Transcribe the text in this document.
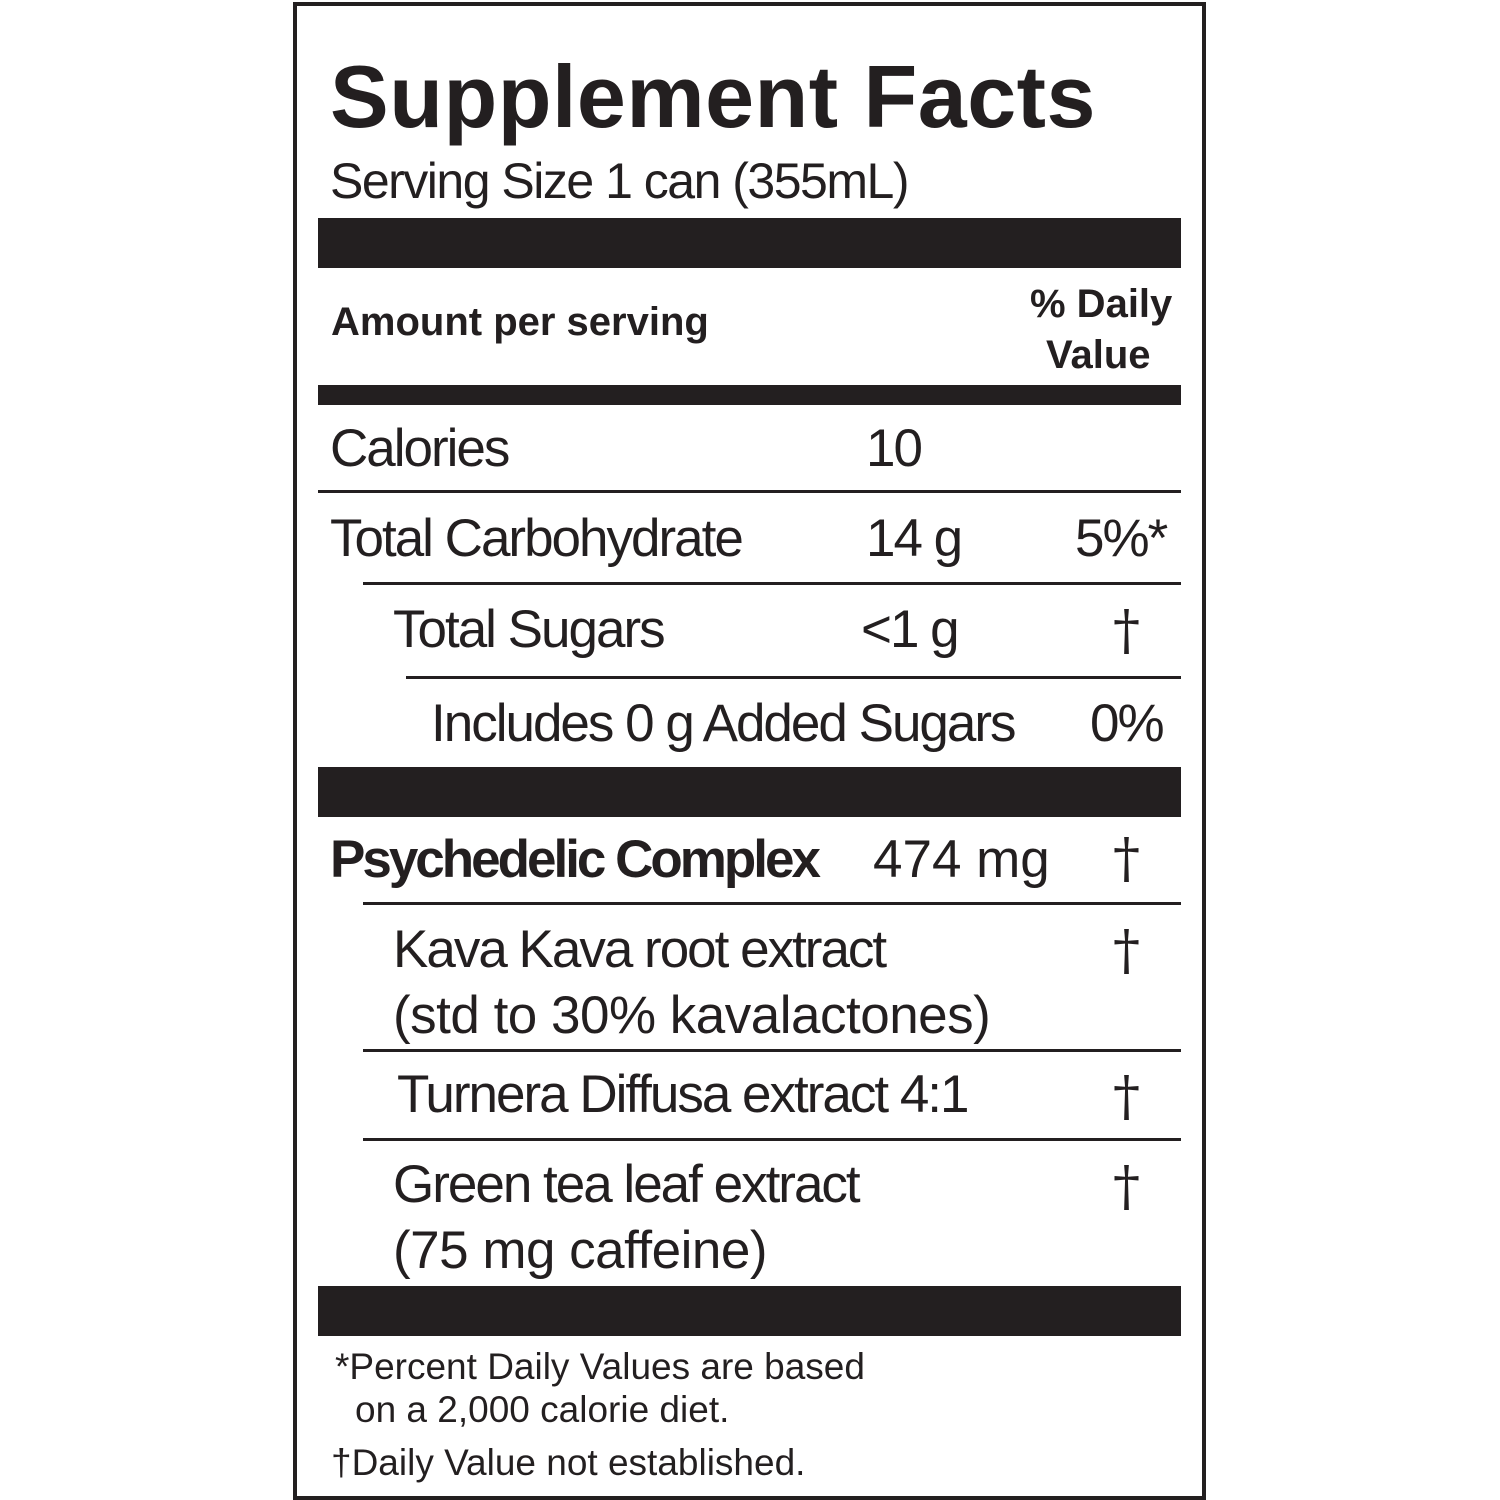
Supplement Facts
Serving Size 1 can (355mL)
Amount per serving	% Daily
Value
Calories	10
Total Carbohydrate 14 g 5%*
Total Sugars	<1 g	†
Includes 0 g Added Sugars 0%
Psychedelic Complex 474 mg †
Kava Kava root extract
(std to 30% kavalactones)
†
Turnera Diffusa extract 4:1	†
Green tea leaf extract
(75 mg caffeine)
†
*Percent Daily Values are based
on a 2,000 calorie diet.
†Daily Value not established.
